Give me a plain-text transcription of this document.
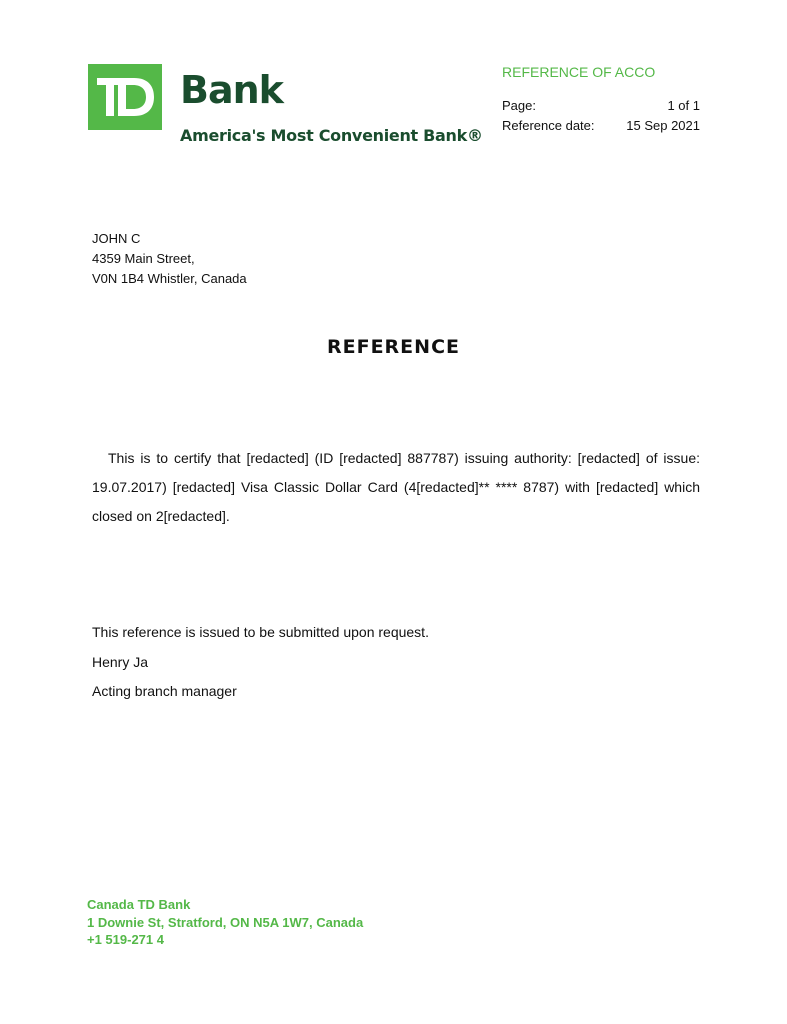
Bank
America's Most Convenient Bank®
REFERENCE OF ACCO
Page:	1 of 1
Reference date: 15 Sep 2021
JOHN C
4359 Main Street,
V0N 1B4 Whistler, Canada
REFERENCE

This is to certify that [redacted] (ID [redacted] 887787) issuing authority: [redacted] of issue: 19.07.2017) [redacted] Visa Classic Dollar Card (4[redacted]** **** 8787) with [redacted] which closed on 2[redacted].

This reference is issued to be submitted upon request.
Henry Ja
Acting branch manager
Canada TD Bank
1 Downie St, Stratford, ON N5A 1W7, Canada
+1 519-271 4
